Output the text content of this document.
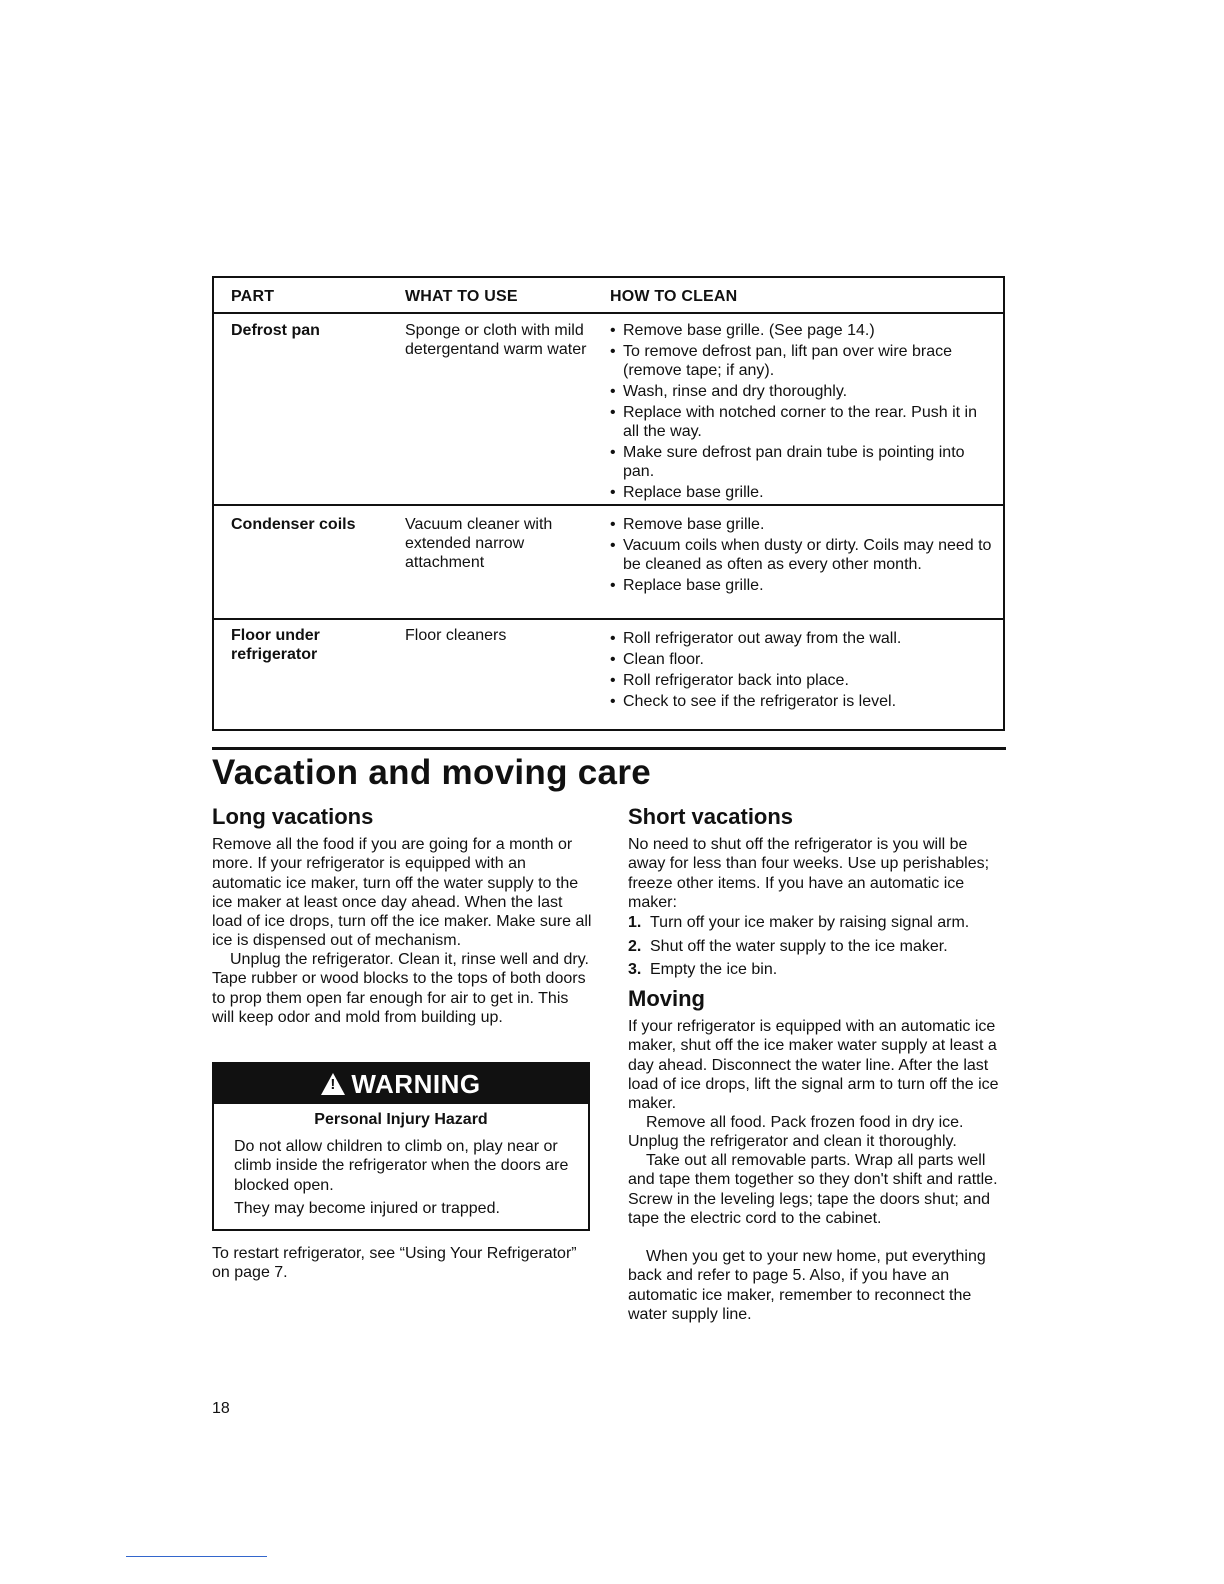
PART	WHAT TO USE	HOW TO CLEAN
Defrost pan	Sponge or cloth with mild detergentand warm water
• Remove base grille. (See page 14.)
• To remove defrost pan, lift pan over wire brace (remove tape; if any).
• Wash, rinse and dry thoroughly.
• Replace with notched corner to the rear. Push it in all the way.
• Make sure defrost pan drain tube is pointing into pan.
• Replace base grille.
Condenser coils	Vacuum cleaner with extended narrow attachment
• Remove base grille.
• Vacuum coils when dusty or dirty. Coils may need to be cleaned as often as every other month.
• Replace base grille.
Floor under refrigerator
Floor cleaners
•	Roll refrigerator out away from the wall.
• Clean floor.
• Roll refrigerator back into place.
• Check to see if the refrigerator is level.
Vacation and moving care
Long vacations

Remove all the food if you are going for a month or more. If your refrigerator is equipped with an automatic ice maker, turn off the water supply to the ice maker at least once day ahead. When the last load of ice drops, turn off the ice maker. Make sure all ice is dispensed out of mechanism.

Unplug the refrigerator. Clean it, rinse well and dry. Tape rubber or wood blocks to the tops of both doors to prop them open far enough for air to get in. This will keep odor and mold from building up.

!
WARNING
Personal Injury Hazard

Do not allow children to climb on, play near or climb inside the refrigerator when the doors are blocked open.

They may become injured or trapped.

To restart refrigerator, see “Using Your Refrigerator” on page 7.

Short vacations

No need to shut off the refrigerator is you will be away for less than four weeks. Use up perishables; freeze other items. If you have an automatic ice maker:

1. Turn off your ice maker by raising signal arm.
2. Shut off the water supply to the ice maker.
3. Empty the ice bin.
Moving

If your refrigerator is equipped with an automatic ice maker, shut off the ice maker water supply at least a day ahead. Disconnect the water line. After the last load of ice drops, lift the signal arm to turn off the ice maker.

Remove all food. Pack frozen food in dry ice. Unplug the refrigerator and clean it thoroughly.

Take out all removable parts. Wrap all parts well and tape them together so they don't shift and rattle. Screw in the leveling legs; tape the doors shut; and tape the electric cord to the cabinet.

When you get to your new home, put everything back and refer to page 5. Also, if you have an automatic ice maker, remember to reconnect the water supply line.

18
